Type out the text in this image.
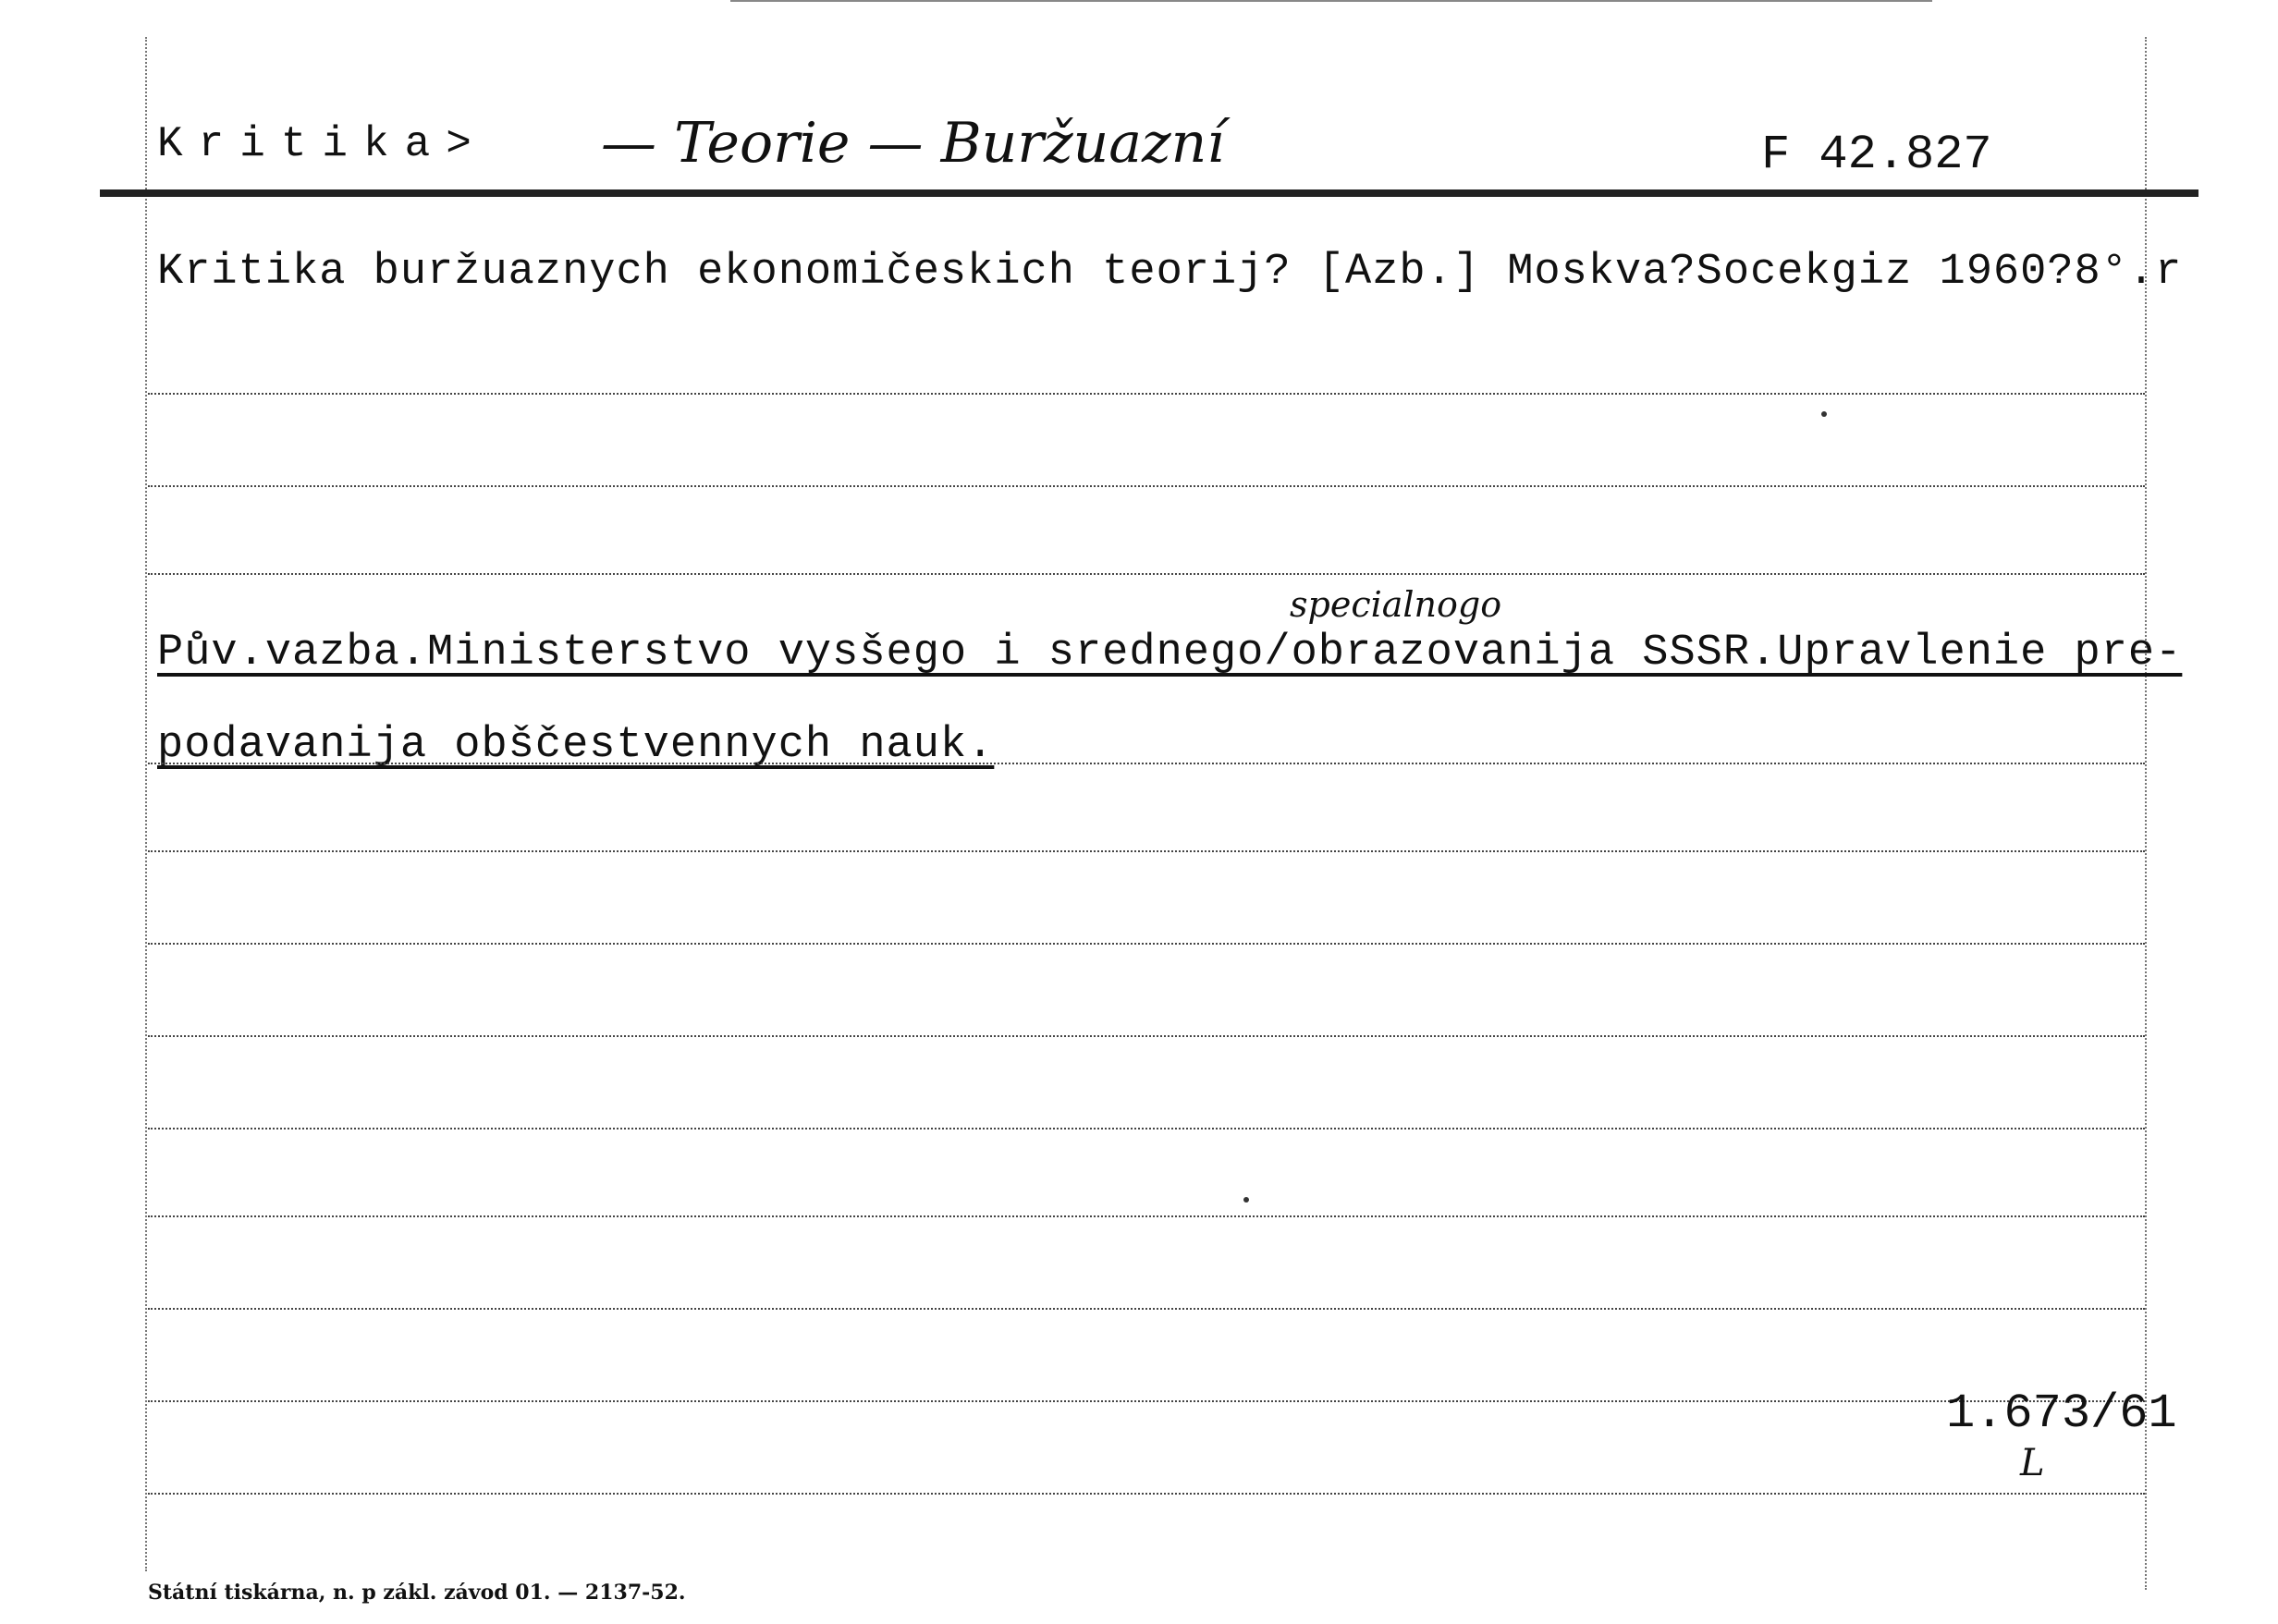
Kritika> — Teorie — Buržuazní	F 42.827
Kritika buržuaznych ekonomičeskich teorij? [Azb.] Moskva?Socekgiz 1960?8°.r
specialnogo
Pův.vazba.Ministerstvo vysšego i srednego/obrazovanija SSSR.Upravlenie pre-
podavanija obščestvennych nauk.
1.673/61
L
Státní tiskárna, n. p zákl. závod 01. — 2137-52.
